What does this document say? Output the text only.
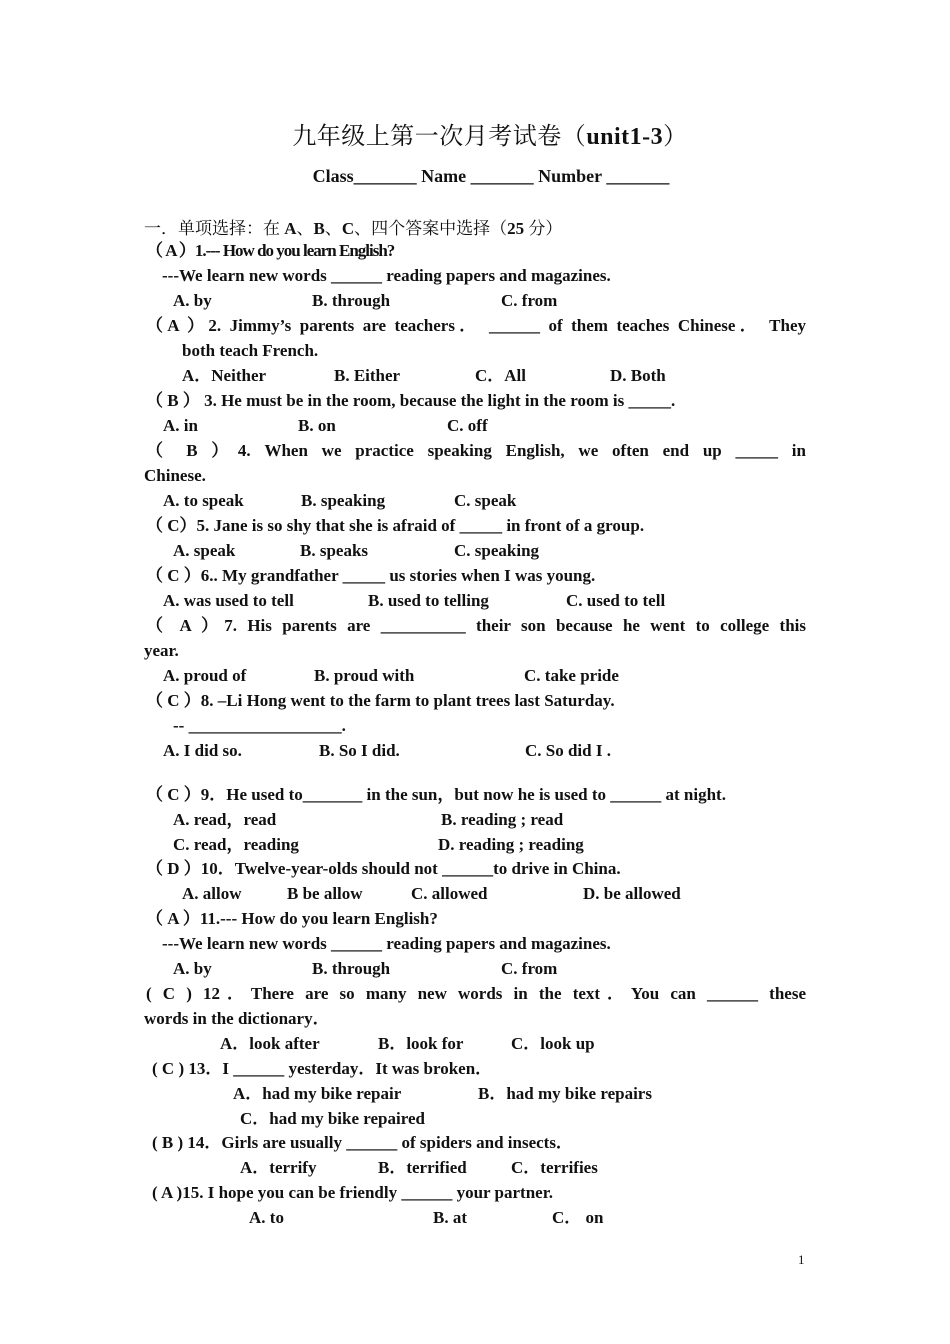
九年级上第一次月考试卷（unit1-3）
Class_______ Name _______ Number _______
一．单项选择：在 A、B、C、四个答案中选择（25 分）
（ A ）1.--- How do you learn English?
---We learn new words ______ reading papers and magazines.
A. by	B. through	C. from
（A ）2. Jimmy’s parents are teachers． ______ of them teaches Chinese． They
both teach French.
A．Neither	B. Either	C．All	D. Both
（ B ） 3. He must be in the room, because the light in the room is _____.
A. in	B. on	C. off
（ B ）4. When we practice speaking English, we often end up _____ in
Chinese.
A. to speak	B. speaking	C. speak
（ C）5. Jane is so shy that she is afraid of _____ in front of a group.
A. speak	B. speaks	C. speaking
（ C ）6.. My grandfather _____ us stories when I was young.
A. was used to tell	B. used to telling	C. used to tell
（ A ）7. His parents are __________ their son because he went to college this
year.
A. proud of	B. proud with	C. take pride
（ C ）8. –Li Hong went to the farm to plant trees last Saturday.
-- __________________.
A. I did so.	B. So I did.	C. So did I .
（ C ）9．He used to_______ in the sun，but now he is used to ______ at night.
A. read，read	B. reading ; read
C. read，reading	D. reading ; reading
（ D ）10．Twelve-year-olds should not ______to drive in China.
A. allow	B be allow	C. allowed	D. be allowed
（ A ）11.--- How do you learn English?
---We learn new words ______ reading papers and magazines.
A. by	B. through	C. from
( C ) 12．There are so many new words in the text．You can ______ these
words in the dictionary．
A．look after	B．look for	C．look up
( C ) 13．I ______ yesterday．It was broken．
A．had my bike repair	B．had my bike repairs
C．had my bike repaired
( B ) 14．Girls are usually ______ of spiders and insects．
A．terrify	B．terrified	C．terrifies
( A )15. I hope you can be friendly ______ your partner.
A. to	B. at	C． on
1
